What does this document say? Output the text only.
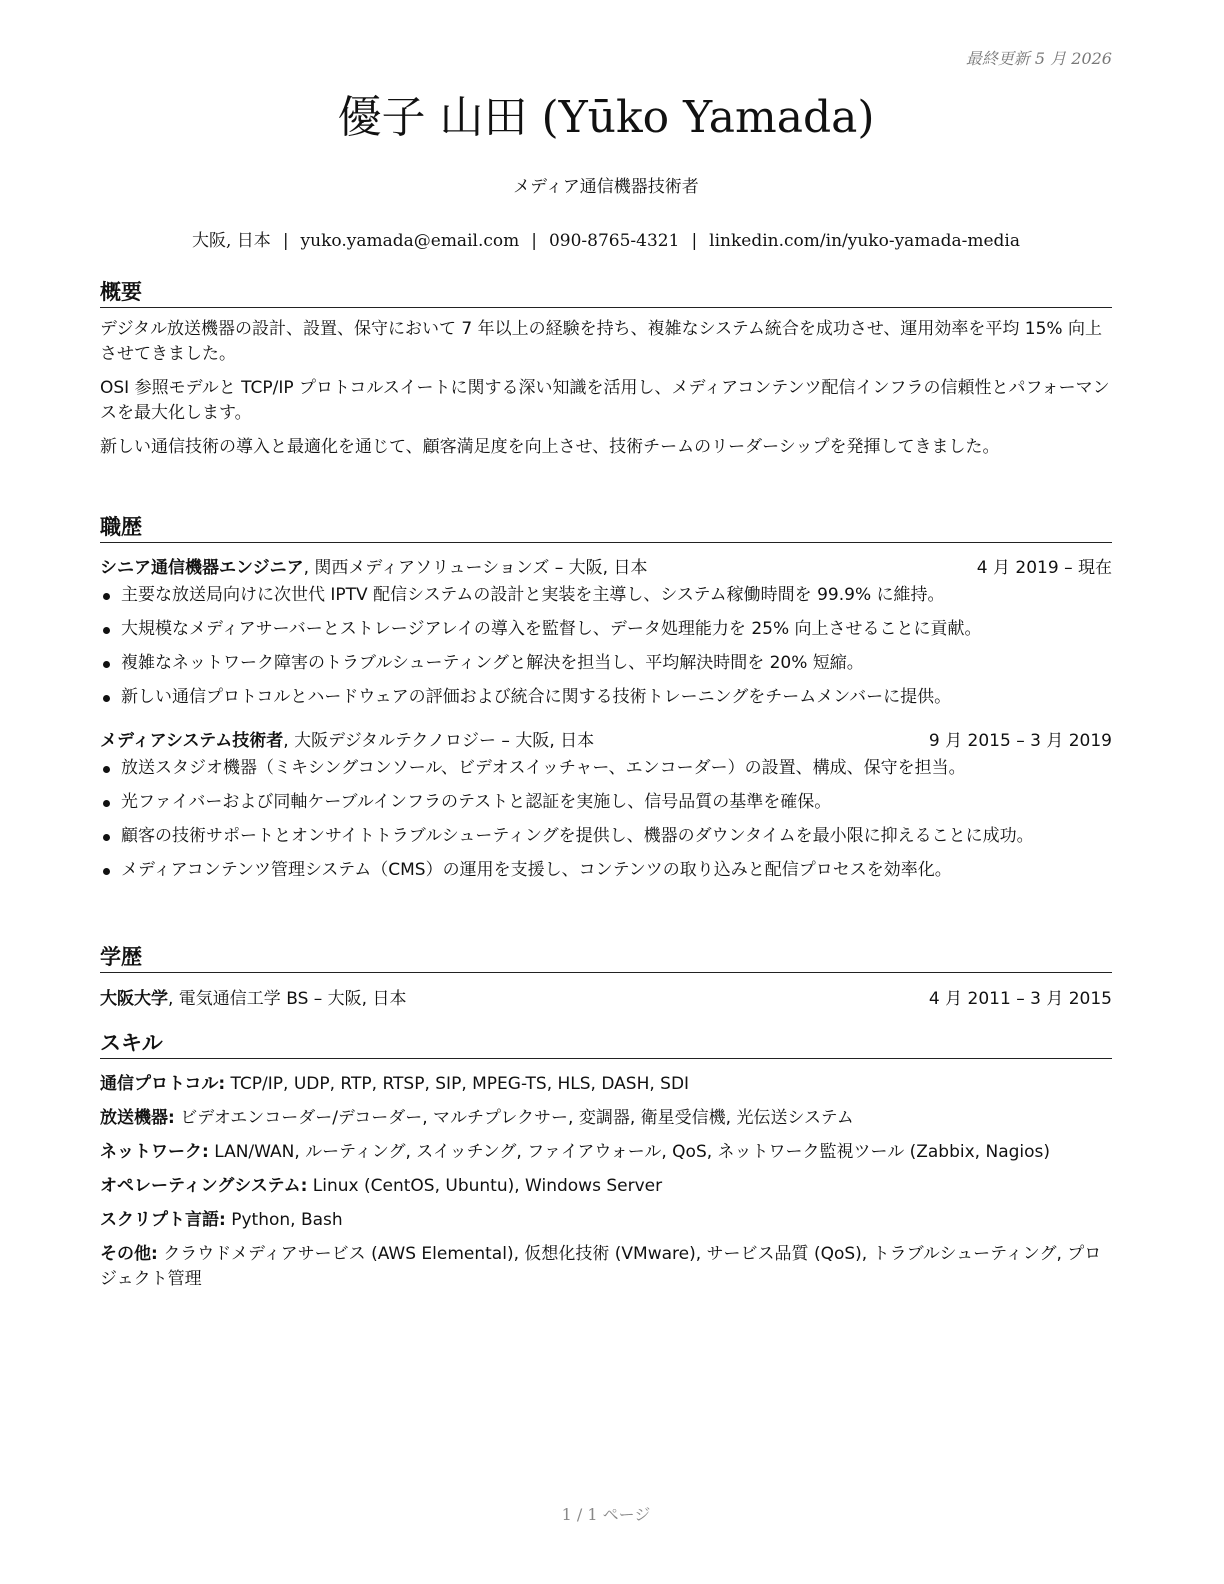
最終更新 5 月 2026
優子 山田 (Yūko Yamada)
メディア通信機器技術者
大阪, 日本 | yuko.yamada@email.com | 090-8765-4321 | linkedin.com/in/yuko-yamada-media
概要

デジタル放送機器の設計、設置、保守において 7 年以上の経験を持ち、複雑なシステム統合を成功させ、運用効率を平均 15% 向上させてきました。

OSI 参照モデルと TCP/IP プロトコルスイートに関する深い知識を活用し、メディアコンテンツ配信インフラの信頼性とパフォーマンスを最大化します。

新しい通信技術の導入と最適化を通じて、顧客満足度を向上させ、技術チームのリーダーシップを発揮してきました。

職歴
シニア通信機器エンジニア, 関西メディアソリューションズ – 大阪, 日本	4 月 2019 – 現在
主要な放送局向けに次世代 IPTV 配信システムの設計と実装を主導し、システム稼働時間を 99.9% に維持。
大規模なメディアサーバーとストレージアレイの導入を監督し、データ処理能力を 25% 向上させることに貢献。
複雑なネットワーク障害のトラブルシューティングと解決を担当し、平均解決時間を 20% 短縮。
新しい通信プロトコルとハードウェアの評価および統合に関する技術トレーニングをチームメンバーに提供。
メディアシステム技術者, 大阪デジタルテクノロジー – 大阪, 日本	9 月 2015 – 3 月 2019
放送スタジオ機器（ミキシングコンソール、ビデオスイッチャー、エンコーダー）の設置、構成、保守を担当。
光ファイバーおよび同軸ケーブルインフラのテストと認証を実施し、信号品質の基準を確保。
顧客の技術サポートとオンサイトトラブルシューティングを提供し、機器のダウンタイムを最小限に抑えることに成功。
メディアコンテンツ管理システム（CMS）の運用を支援し、コンテンツの取り込みと配信プロセスを効率化。
学歴
大阪大学, 電気通信工学 BS – 大阪, 日本	4 月 2011 – 3 月 2015
スキル
通信プロトコル: TCP/IP, UDP, RTP, RTSP, SIP, MPEG-TS, HLS, DASH, SDI
放送機器: ビデオエンコーダー/デコーダー, マルチプレクサー, 変調器, 衛星受信機, 光伝送システム
ネットワーク: LAN/WAN, ルーティング, スイッチング, ファイアウォール, QoS, ネットワーク監視ツール (Zabbix, Nagios)
オペレーティングシステム: Linux (CentOS, Ubuntu), Windows Server
スクリプト言語: Python, Bash
その他: クラウドメディアサービス (AWS Elemental), 仮想化技術 (VMware), サービス品質 (QoS), トラブルシューティング, プロジェクト管理
1 / 1 ページ
